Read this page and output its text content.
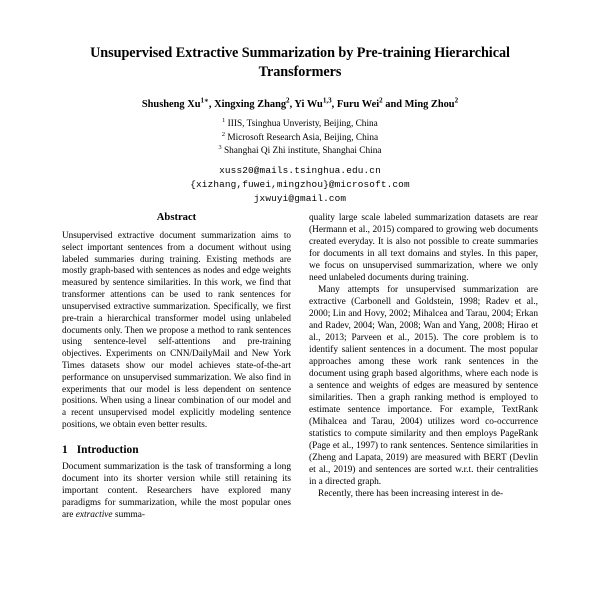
Unsupervised Extractive Summarization by Pre-training Hierarchical
Transformers
Shusheng $Xu^{1∗}$, Xingxing Zhang$^2$, Yi Wu$^{1,3}$, Furu Wei$^2$ and Ming Zhou$^2$
$^1$ IIIS, Tsinghua Unveristy, Beijing, China
$^2$ Microsoft Research Asia, Beijing, China
$^3$ Shanghai Qi Zhi institute, Shanghai China
xuss20@mails.tsinghua.edu.cn
{xizhang,fuwei,mingzhou}@microsoft.com
jxwuyi@gmail.com
Abstract

Unsupervised extractive document summarization aims to select important sentences from a document without using labeled summaries during training. Existing methods are mostly graph-based with sentences as nodes and edge weights measured by sentence similarities. In this work, we find that transformer attentions can be used to rank sentences for unsupervised extractive summarization. Specifically, we first pre-train a hierarchical transformer model using unlabeled documents only. Then we propose a method to rank sentences using sentence-level self-attentions and pre-training objectives. Experiments on CNN/DailyMail and New York Times datasets show our model achieves state-of-the-art performance on unsupervised summarization. We also find in experiments that our model is less dependent on sentence positions. When using a linear combination of our model and a recent unsupervised model explicitly modeling sentence positions, we obtain even better results.

1 Introduction

Document summarization is the task of transforming a long document into its shorter version while still retaining its important content. Researchers have explored many paradigms for summarization, while the most popular ones are extractive summa-

quality large scale labeled summarization datasets are rear (Hermann et al., 2015) compared to growing web documents created everyday. It is also not possible to create summaries for documents in all text domains and styles. In this paper, we focus on unsupervised summarization, where we only need unlabeled documents during training.

Many attempts for unsupervised summarization are extractive (Carbonell and Goldstein, 1998; Radev et al., 2000; Lin and Hovy, 2002; Mihalcea and Tarau, 2004; Erkan and Radev, 2004; Wan, 2008; Wan and Yang, 2008; Hirao et al., 2013; Parveen et al., 2015). The core problem is to identify salient sentences in a document. The most popular approaches among these work rank sentences in the document using graph based algorithms, where each node is a sentence and weights of edges are measured by sentence similarities. Then a graph ranking method is employed to estimate sentence importance. For example, TextRank (Mihalcea and Tarau, 2004) utilizes word co-occurrence statistics to compute similarity and then employs PageRank (Page et al., 1997) to rank sentences. Sentence similarities in (Zheng and Lapata, 2019) are measured with BERT (Devlin et al., 2019) and sentences are sorted w.r.t. their centralities in a directed graph.

Recently, there has been increasing interest in de-
